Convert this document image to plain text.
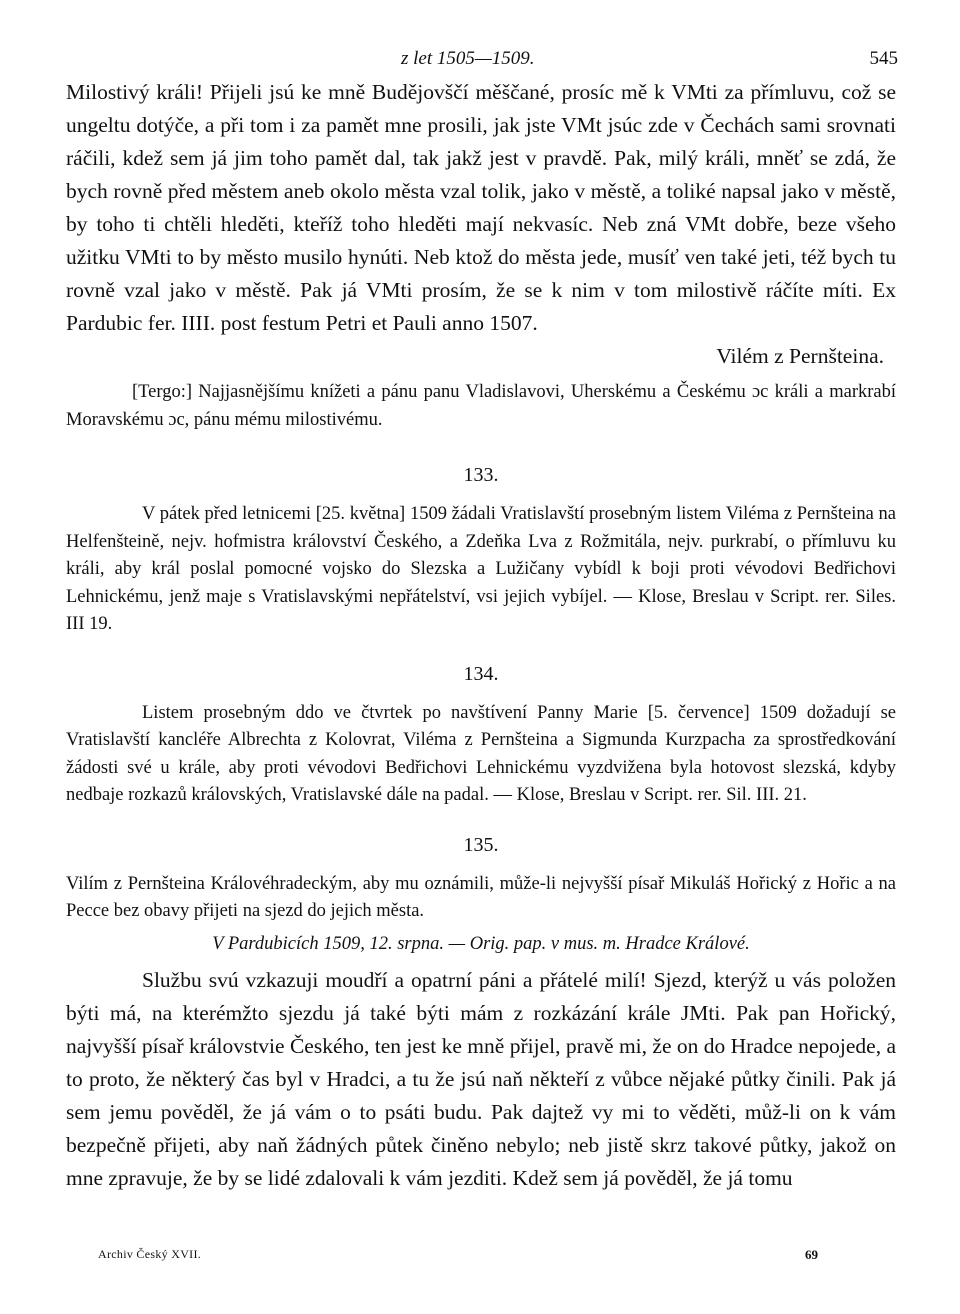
z let 1505—1509.	545

Milostivý králi! Přijeli jsú ke mně Budějovščí měščané, prosíc mě k VMti za přímluvu, což se ungeltu dotýče, a při tom i za pamět mne prosili, jak jste VMt jsúc zde v Čechách sami srovnati ráčili, kdež sem já jim toho pamět dal, tak jakž jest v pravdě. Pak, milý králi, mněť se zdá, že bych rovně před městem aneb okolo města vzal tolik, jako v městě, a toliké napsal jako v městě, by toho ti chtěli hleděti, kteříž toho hleděti mají nekvasíc. Neb zná VMt dobře, beze všeho užitku VMti to by město musilo hynúti. Neb ktož do města jede, musíť ven také jeti, též bych tu rovně vzal jako v městě. Pak já VMti prosím, že se k nim v tom milostivě ráčíte míti. Ex Pardubic fer. IIII. post festum Petri et Pauli anno 1507.

Vilém z Pernšteina.

[Tergo:] Najjasnějšímu knížeti a pánu panu Vladislavovi, Uherskému a Českému ɔc králi a markrabí Moravskému ɔc, pánu mému milostivému.

133.

V pátek před letnicemi [25. května] 1509 žádali Vratislavští prosebným listem Viléma z Pernšteina na Helfenšteině, nejv. hofmistra království Českého, a Zdeňka Lva z Rožmitála, nejv. purkrabí, o přímluvu ku králi, aby král poslal pomocné vojsko do Slezska a Lužičany vybídl k boji proti vévodovi Bedřichovi Lehnickému, jenž maje s Vratislavskými nepřátelství, vsi jejich vybíjel. — Klose, Breslau v Script. rer. Siles. III 19.

134.

Listem prosebným ddo ve čtvrtek po navštívení Panny Marie [5. července] 1509 dožadují se Vratislavští kancléře Albrechta z Kolovrat, Viléma z Pernšteina a Sigmunda Kurzpacha za sprostředkování žádosti své u krále, aby proti vévodovi Bedřichovi Lehnickému vyzdvižena byla hotovost slezská, kdyby nedbaje rozkazů královských, Vratislavské dále na padal. — Klose, Breslau v Script. rer. Sil. III. 21.

135.

Vilím z Pernšteina Královéhradeckým, aby mu oznámili, může-li nejvyšší písař Mikuláš Hořický z Hořic a na Pecce bez obavy přijeti na sjezd do jejich města.

V Pardubicích 1509, 12. srpna. — Orig. pap. v mus. m. Hradce Králové.

Službu svú vzkazuji moudří a opatrní páni a přátelé milí! Sjezd, kterýž u vás položen býti má, na kterémžto sjezdu já také býti mám z rozkázání krále JMti. Pak pan Hořický, najvyšší písař královstvie Českého, ten jest ke mně přijel, pravě mi, že on do Hradce nepojede, a to proto, že některý čas byl v Hradci, a tu že jsú naň někteří z vůbce nějaké půtky činili. Pak já sem jemu pověděl, že já vám o to psáti budu. Pak dajtež vy mi to věděti, můž-li on k vám bezpečně přijeti, aby naň žádných půtek činěno nebylo; neb jistě skrz takové půtky, jakož on mne zpravuje, že by se lidé zdalovali k vám jezditi. Kdež sem já pověděl, že já tomu

Archiv Český XVII.	69
